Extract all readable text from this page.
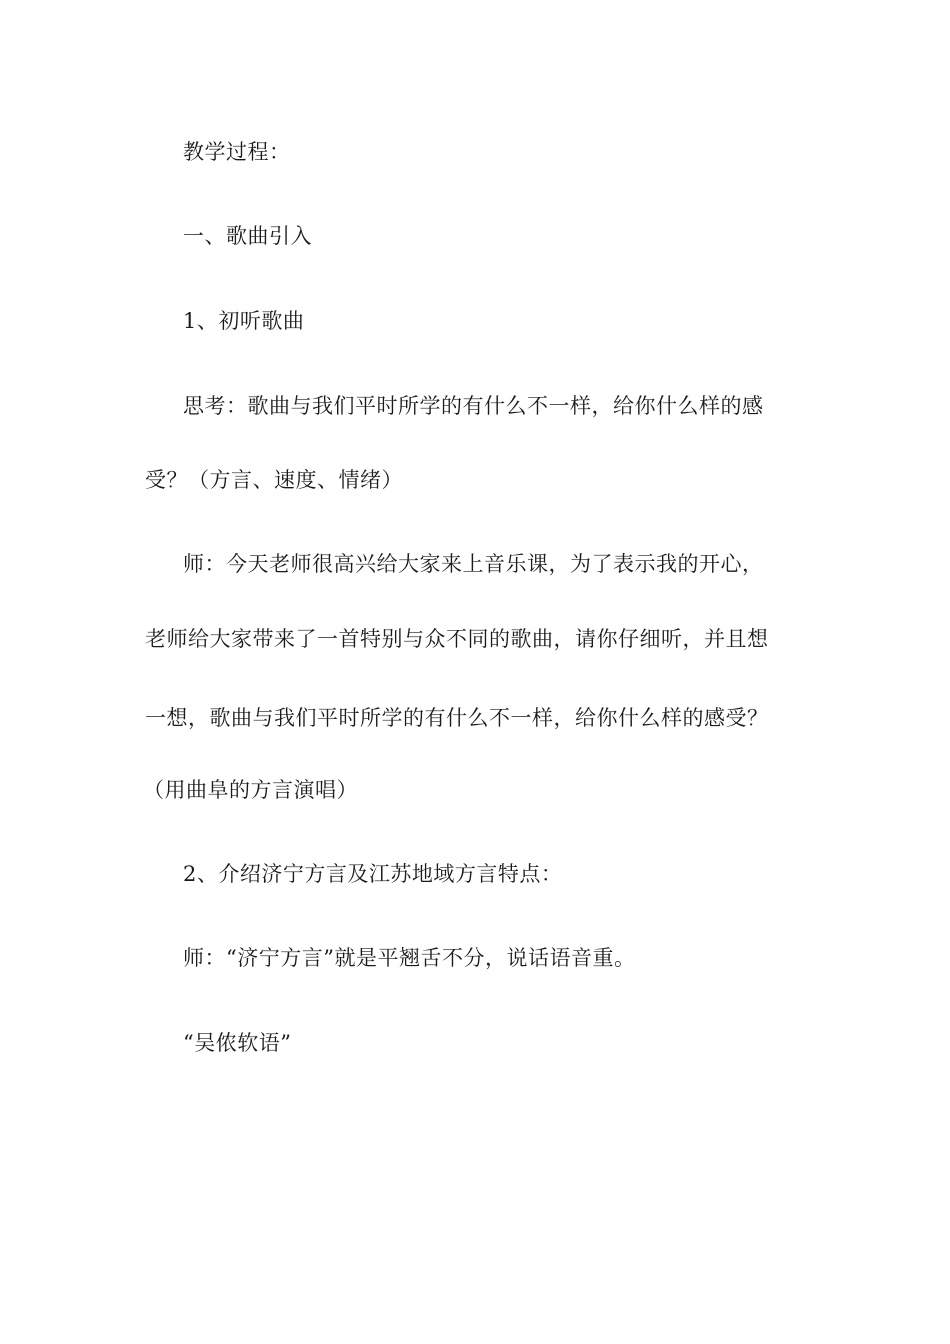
教学过程：
一、歌曲引入
1、初听歌曲
思考：歌曲与我们平时所学的有什么不一样，给你什么样的感
受？（方言、速度、情绪）
师：今天老师很高兴给大家来上音乐课，为了表示我的开心，
老师给大家带来了一首特别与众不同的歌曲，请你仔细听，并且想
一想，歌曲与我们平时所学的有什么不一样，给你什么样的感受？
（用曲阜的方言演唱）
2、介绍济宁方言及江苏地域方言特点：
师：“济宁方言”就是平翘舌不分，说话语音重。
“吴侬软语”
